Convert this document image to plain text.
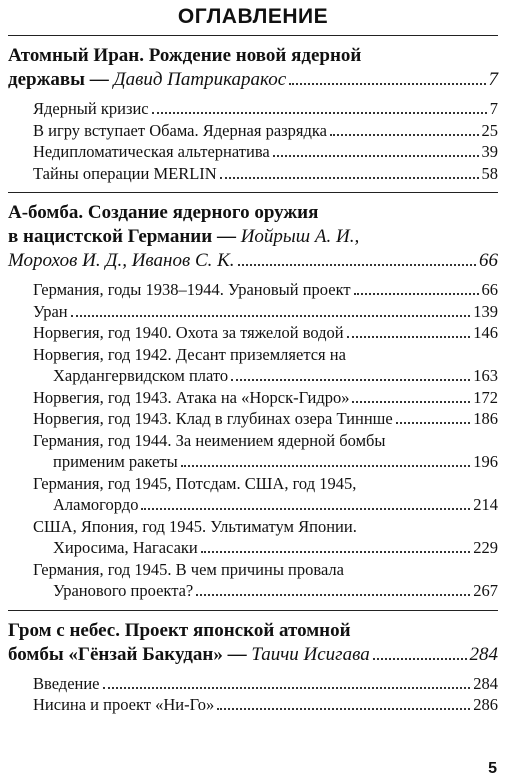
ОГЛАВЛЕНИЕ
Атомный Иран. Рождение новой ядерной
державы — Давид Патрикаракос	7
Ядерный кризис	7
В игру вступает Обама. Ядерная разрядка	25
Недипломатическая альтернатива	39
Тайны операции MERLIN	58
А-бомба. Создание ядерного оружия
в нацистской Германии — Иойрыш А. И.,
Морохов И. Д., Иванов С. К.	66
Германия, годы 1938–1944. Урановый проект	66
Уран	139
Норвегия, год 1940. Охота за тяжелой водой	146
Норвегия, год 1942. Десант приземляется на
Хардангервидском плато	163
Норвегия, год 1943. Атака на «Норск-Гидро»	172
Норвегия, год 1943. Клад в глубинах озера Тиннше	186
Германия, год 1944. За неимением ядерной бомбы
применим ракеты	196
Германия, год 1945, Потсдам. США, год 1945,
Аламогордо	214
США, Япония, год 1945. Ультиматум Японии.
Хиросима, Нагасаки	229
Германия, год 1945. В чем причины провала
Уранового проекта?	267
Гром с небес. Проект японской атомной
бомбы «Гёнзай Бакудан» — Таичи Исигава	284
Введение	284
Нисина и проект «Ни-Го»	286
5
